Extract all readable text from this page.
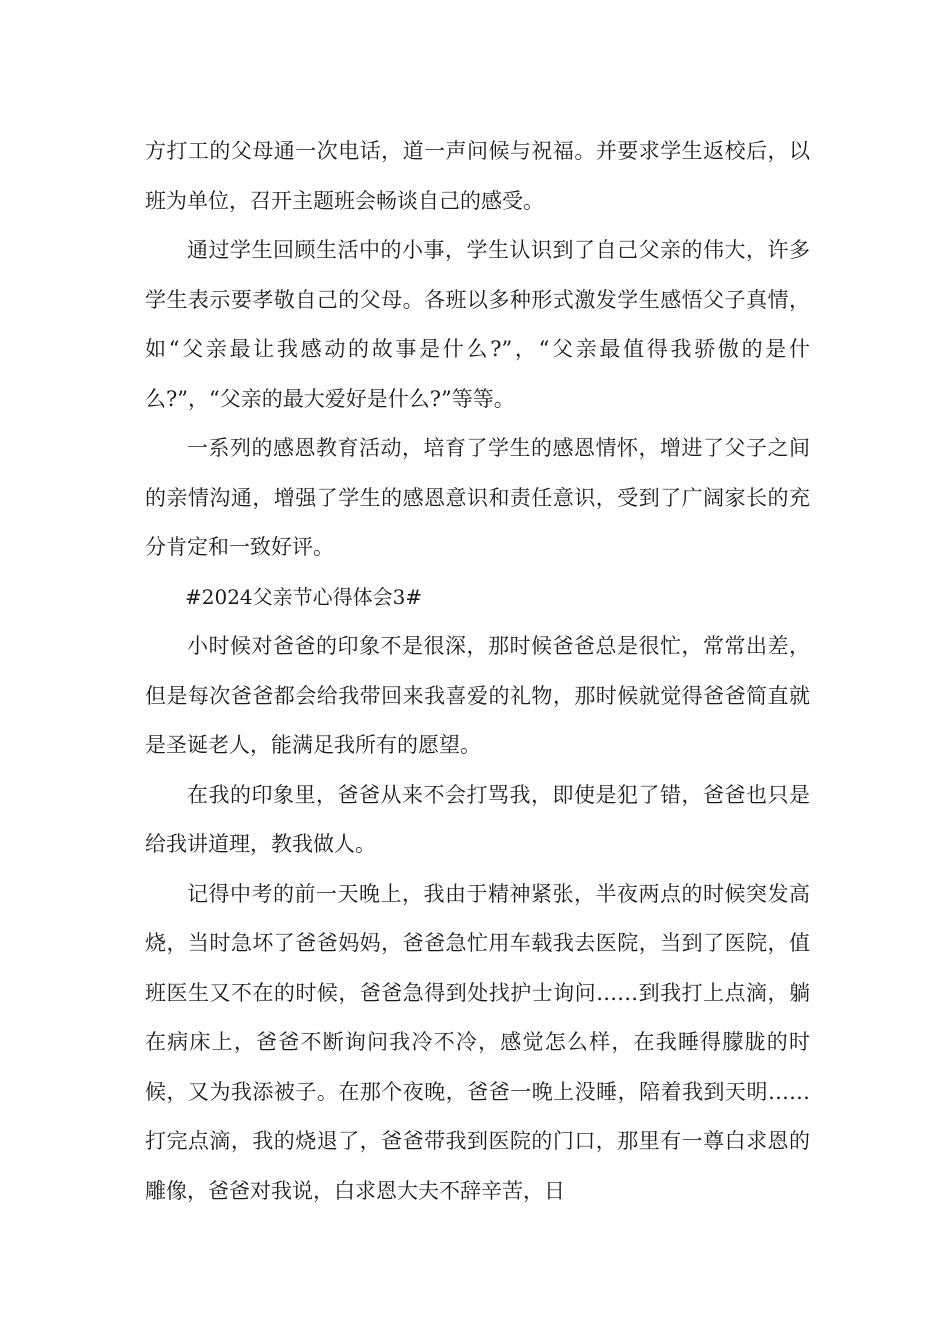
方打工的父母通一次电话，道一声问候与祝福。并要求学生返校后，以班为单位，召开主题班会畅谈自己的感受。

通过学生回顾生活中的小事，学生认识到了自己父亲的伟大，许多学生表示要孝敬自己的父母。各班以多种形式激发学生感悟父子真情，如“父亲最让我感动的故事是什么?”，“父亲最值得我骄傲的是什么?”，“父亲的最大爱好是什么?”等等。

一系列的感恩教育活动，培育了学生的感恩情怀，增进了父子之间的亲情沟通，增强了学生的感恩意识和责任意识，受到了广阔家长的充分肯定和一致好评。

#2024父亲节心得体会3#

小时候对爸爸的印象不是很深，那时候爸爸总是很忙，常常出差，但是每次爸爸都会给我带回来我喜爱的礼物，那时候就觉得爸爸简直就是圣诞老人，能满足我所有的愿望。

在我的印象里，爸爸从来不会打骂我，即使是犯了错，爸爸也只是给我讲道理，教我做人。

记得中考的前一天晚上，我由于精神紧张，半夜两点的时候突发高烧，当时急坏了爸爸妈妈，爸爸急忙用车载我去医院，当到了医院，值班医生又不在的时候，爸爸急得到处找护士询问……到我打上点滴，躺在病床上，爸爸不断询问我冷不冷，感觉怎么样，在我睡得朦胧的时候，又为我添被子。在那个夜晚，爸爸一晚上没睡，陪着我到天明……打完点滴，我的烧退了，爸爸带我到医院的门口，那里有一尊白求恩的雕像，爸爸对我说，白求恩大夫不辞辛苦，日
